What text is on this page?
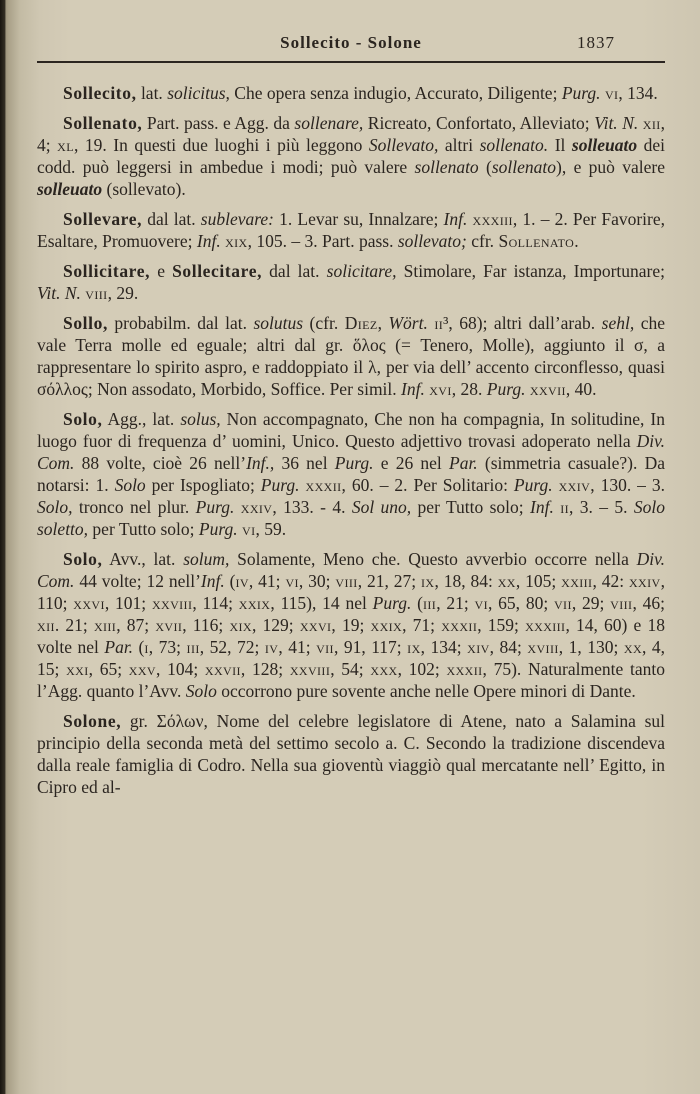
Sollecito - Solone	1837

Sollecito, lat. solicitus, Che opera senza indugio, Accurato, Diligente; Purg. vi, 134.

Sollenato, Part. pass. e Agg. da sollenare, Ricreato, Confortato, Alleviato; Vit. N. xii, 4; xl, 19. In questi due luoghi i più leggono Sollevato, altri sollenato. Il solleuato dei codd. può leggersi in ambedue i modi; può valere sollenato (sollenato), e può valere solleuato (sollevato).

Sollevare, dal lat. sublevare: 1. Levar su, Innalzare; Inf. xxxiii, 1. – 2. Per Favorire, Esaltare, Promuovere; Inf. xix, 105. – 3. Part. pass. sollevato; cfr. Sollenato.

Sollicitare, e Sollecitare, dal lat. solicitare, Stimolare, Far istanza, Importunare; Vit. N. viii, 29.

Sollo, probabilm. dal lat. solutus (cfr. Diez, Wört. ii³, 68); altri dall’arab. sehl, che vale Terra molle ed eguale; altri dal gr. ὅλος (= Tenero, Molle), aggiunto il σ, a rappresentare lo spirito aspro, e raddoppiato il λ, per via dell’ accento circonflesso, quasi σόλλος; Non assodato, Morbido, Soffice. Per simil. Inf. xvi, 28. Purg. xxvii, 40.

Solo, Agg., lat. solus, Non accompagnato, Che non ha compagnia, In solitudine, In luogo fuor di frequenza d’ uomini, Unico. Questo adjettivo trovasi adoperato nella Div. Com. 88 volte, cioè 26 nell’Inf., 36 nel Purg. e 26 nel Par. (simmetria casuale?). Da notarsi: 1. Solo per Ispogliato; Purg. xxxii, 60. – 2. Per Solitario: Purg. xxiv, 130. – 3. Solo, tronco nel plur. Purg. xxiv, 133. - 4. Sol uno, per Tutto solo; Inf. ii, 3. – 5. Solo soletto, per Tutto solo; Purg. vi, 59.

Solo, Avv., lat. solum, Solamente, Meno che. Questo avverbio occorre nella Div. Com. 44 volte; 12 nell’Inf. (iv, 41; vi, 30; viii, 21, 27; ix, 18, 84: xx, 105; xxiii, 42: xxiv, 110; xxvi, 101; xxviii, 114; xxix, 115), 14 nel Purg. (iii, 21; vi, 65, 80; vii, 29; viii, 46; xii. 21; xiii, 87; xvii, 116; xix, 129; xxvi, 19; xxix, 71; xxxii, 159; xxxiii, 14, 60) e 18 volte nel Par. (i, 73; iii, 52, 72; iv, 41; vii, 91, 117; ix, 134; xiv, 84; xviii, 1, 130; xx, 4, 15; xxi, 65; xxv, 104; xxvii, 128; xxviii, 54; xxx, 102; xxxii, 75). Naturalmente tanto l’Agg. quanto l’Avv. Solo occorrono pure sovente anche nelle Opere minori di Dante.

Solone, gr. Σόλων, Nome del celebre legislatore di Atene, nato a Salamina sul principio della seconda metà del settimo secolo a. C. Secondo la tradizione discendeva dalla reale famiglia di Codro. Nella sua gioventù viaggiò qual mercatante nell’ Egitto, in Cipro ed al-
